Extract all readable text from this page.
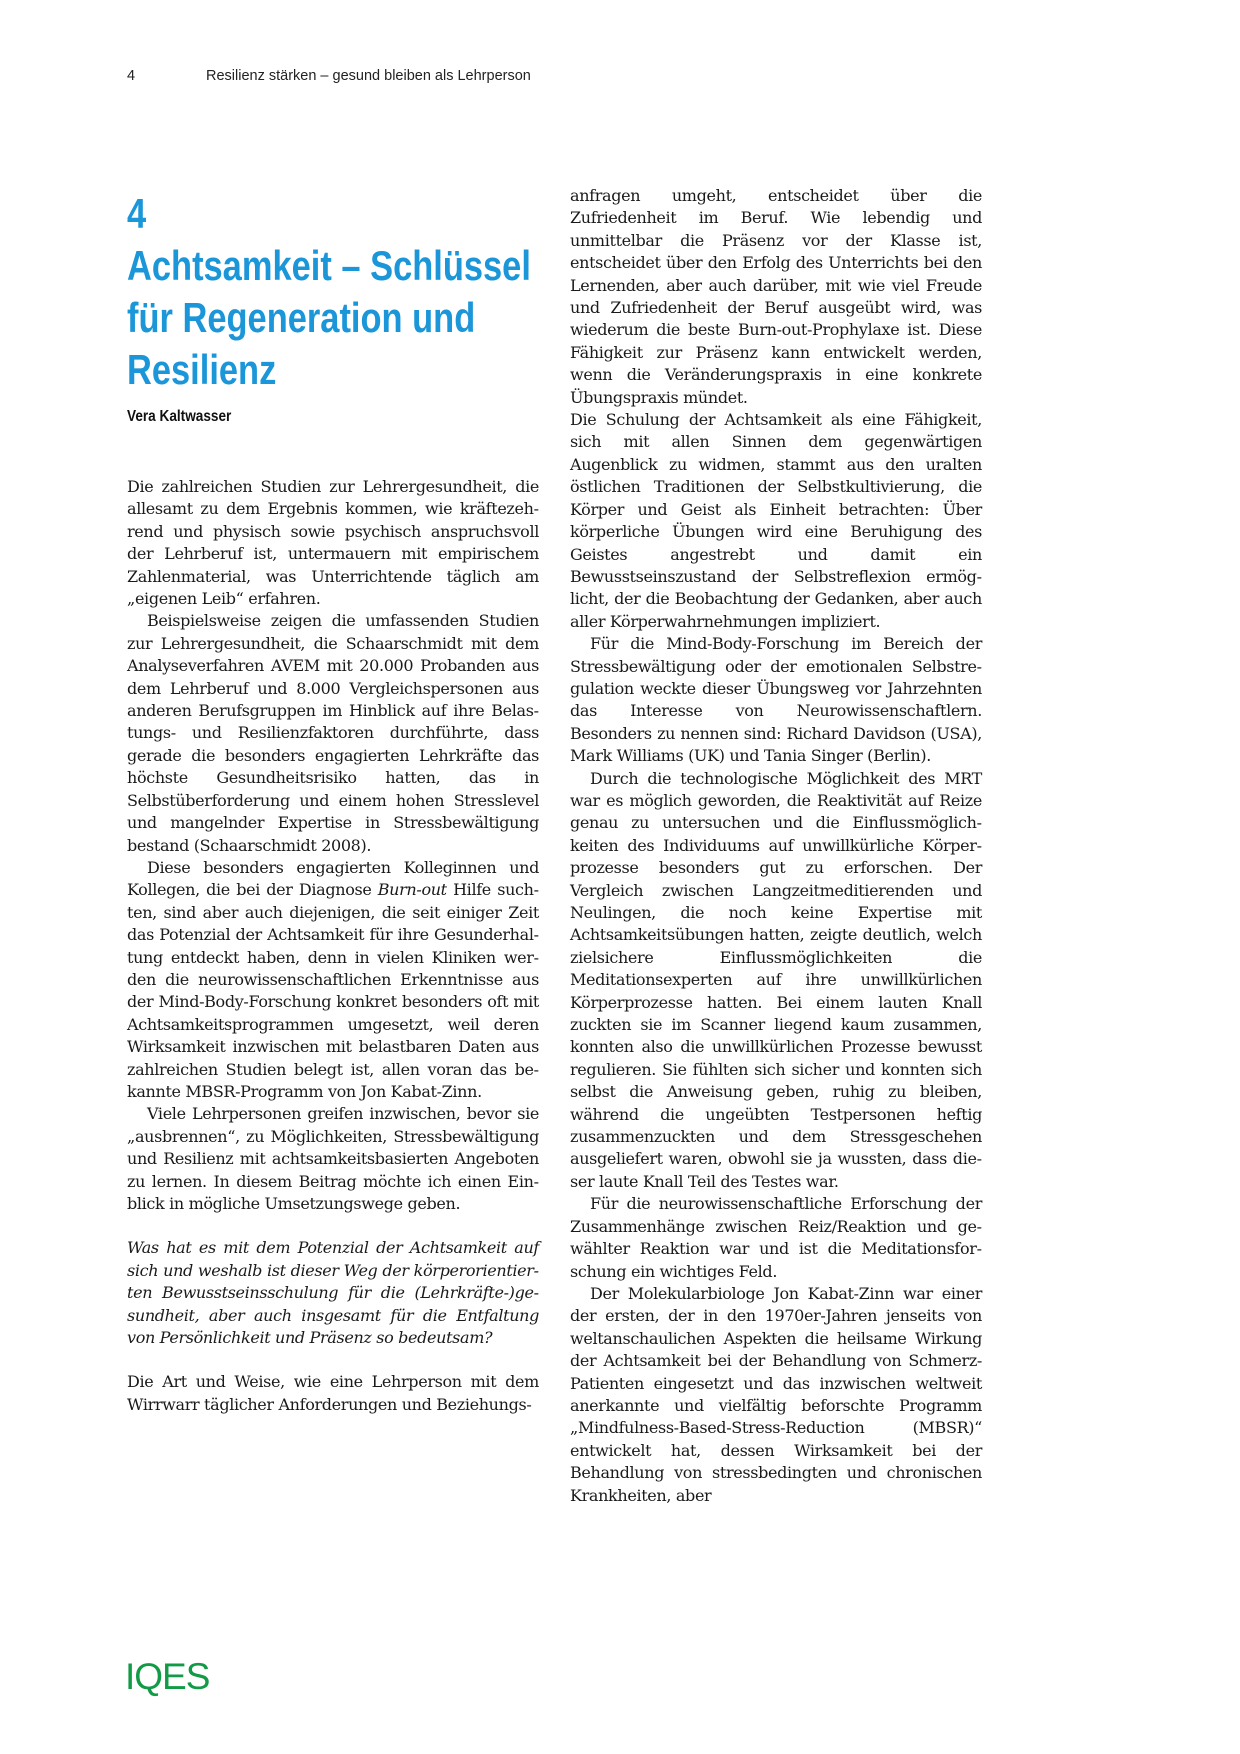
4	Resilienz stärken – gesund bleiben als Lehrperson
4
Achtsamkeit – Schlüssel
für Regeneration und
Resilienz
Vera Kaltwasser

Die zahlreichen Studien zur Lehrergesundheit, die allesamt zu dem Ergebnis kommen, wie kräftezehrend und physisch sowie psychisch anspruchsvoll der Lehrberuf ist, untermauern mit empirischem Zahlenmaterial, was Unterrichtende täglich am „eigenen Leib“ erfahren.

Beispielsweise zeigen die umfassenden Studien zur Lehrergesundheit, die Schaarschmidt mit dem Analyseverfahren AVEM mit 20.000 Probanden aus dem Lehrberuf und 8.000 Vergleichspersonen aus anderen Berufsgruppen im Hinblick auf ihre Belastungs- und Resilienzfaktoren durchführte, dass gerade die besonders engagierten Lehrkräfte das höchste Gesundheitsrisiko hatten, das in Selbstüberforderung und einem hohen Stresslevel und mangelnder Expertise in Stressbewältigung bestand (Schaarschmidt 2008).

Diese besonders engagierten Kolleginnen und Kollegen, die bei der Diagnose Burn-out Hilfe suchten, sind aber auch diejenigen, die seit einiger Zeit das Potenzial der Achtsamkeit für ihre Gesunderhaltung entdeckt haben, denn in vielen Kliniken werden die neurowissenschaftlichen Erkenntnisse aus der Mind-Body-Forschung konkret besonders oft mit Achtsamkeitsprogrammen umgesetzt, weil deren Wirksamkeit inzwischen mit belastbaren Daten aus zahlreichen Studien belegt ist, allen voran das bekannte MBSR-Programm von Jon Kabat-Zinn.

Viele Lehrpersonen greifen inzwischen, bevor sie „ausbrennen“, zu Möglichkeiten, Stressbewältigung und Resilienz mit achtsamkeitsbasierten Angeboten zu lernen. In diesem Beitrag möchte ich einen Einblick in mögliche Umsetzungswege geben.

Was hat es mit dem Potenzial der Achtsamkeit auf sich und weshalb ist dieser Weg der körperorientierten Bewusstseinsschulung für die (Lehrkräfte-)gesundheit, aber auch insgesamt für die Entfaltung von Persönlichkeit und Präsenz so bedeutsam?

Die Art und Weise, wie eine Lehrperson mit dem Wirrwarr täglicher Anforderungen und Beziehungs-

anfragen umgeht, entscheidet über die Zufriedenheit im Beruf. Wie lebendig und unmittelbar die Präsenz vor der Klasse ist, entscheidet über den Erfolg des Unterrichts bei den Lernenden, aber auch darüber, mit wie viel Freude und Zufriedenheit der Beruf ausgeübt wird, was wiederum die beste Burn-out-Prophylaxe ist. Diese Fähigkeit zur Präsenz kann entwickelt werden, wenn die Veränderungspraxis in eine konkrete Übungspraxis mündet.

Die Schulung der Achtsamkeit als eine Fähigkeit, sich mit allen Sinnen dem gegenwärtigen Augenblick zu widmen, stammt aus den uralten östlichen Traditionen der Selbstkultivierung, die Körper und Geist als Einheit betrachten: Über körperliche Übungen wird eine Beruhigung des Geistes angestrebt und damit ein Bewusstseinszustand der Selbstreflexion ermöglicht, der die Beobachtung der Gedanken, aber auch aller Körperwahrnehmungen impliziert.

Für die Mind-Body-Forschung im Bereich der Stressbewältigung oder der emotionalen Selbstregulation weckte dieser Übungsweg vor Jahrzehnten das Interesse von Neurowissenschaftlern. Besonders zu nennen sind: Richard Davidson (USA), Mark Williams (UK) und Tania Singer (Berlin).

Durch die technologische Möglichkeit des MRT war es möglich geworden, die Reaktivität auf Reize genau zu untersuchen und die Einflussmöglichkeiten des Individuums auf unwillkürliche Körperprozesse besonders gut zu erforschen. Der Vergleich zwischen Langzeitmeditierenden und Neulingen, die noch keine Expertise mit Achtsamkeitsübungen hatten, zeigte deutlich, welch zielsichere Einflussmöglichkeiten die Meditationsexperten auf ihre unwillkürlichen Körperprozesse hatten. Bei einem lauten Knall zuckten sie im Scanner liegend kaum zusammen, konnten also die unwillkürlichen Prozesse bewusst regulieren. Sie fühlten sich sicher und konnten sich selbst die Anweisung geben, ruhig zu bleiben, während die ungeübten Testpersonen heftig zusammenzuckten und dem Stressgeschehen ausgeliefert waren, obwohl sie ja wussten, dass dieser laute Knall Teil des Testes war.

Für die neurowissenschaftliche Erforschung der Zusammenhänge zwischen Reiz/Reaktion und gewählter Reaktion war und ist die Meditationsforschung ein wichtiges Feld.

Der Molekularbiologe Jon Kabat-Zinn war einer der ersten, der in den 1970er-Jahren jenseits von weltanschaulichen Aspekten die heilsame Wirkung der Achtsamkeit bei der Behandlung von Schmerz-Patienten eingesetzt und das inzwischen weltweit anerkannte und vielfältig beforschte Programm „Mindfulness-Based-Stress-Reduction (MBSR)“ entwickelt hat, dessen Wirksamkeit bei der Behandlung von stressbedingten und chronischen Krankheiten, aber

IQES
